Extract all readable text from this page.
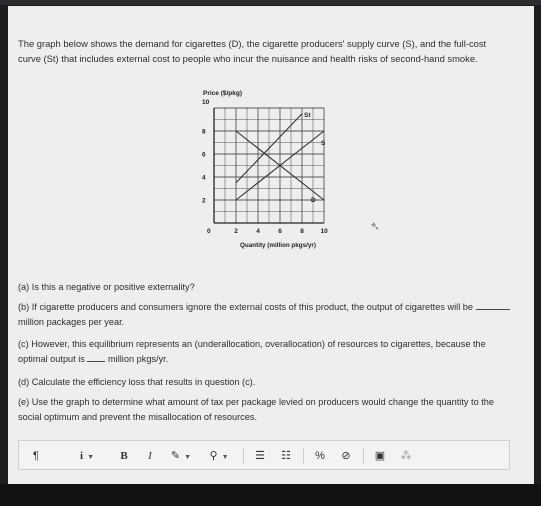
The graph below shows the demand for cigarettes (D), the cigarette producers' supply curve (S), and the full-cost curve (St) that includes external cost to people who incur the nuisance and health risks of second-hand smoke.

Price ($/pkg)
10
0
8
6
4
2
2	4	6	8	10
Quantity (million pkgs/yr)
St
S
D
➴

(a) Is this a negative or positive externality?

(b) If cigarette producers and consumers ignore the external costs of this product, the output of cigarettes will be  million packages per year.

(c) However, this equilibrium represents an (underallocation, overallocation) of resources to cigarettes, because the optimal output is	million pkgs/yr.

(d) Calculate the efficiency loss that results in question (c).

(e) Use the graph to determine what amount of tax per package levied on producers would change the quantity to the social optimum and prevent the misallocation of resources.

¶	i ▼	B	I	✎ ▼	⚲ ▼	☰	☷	%	⊘	▣	⁂
